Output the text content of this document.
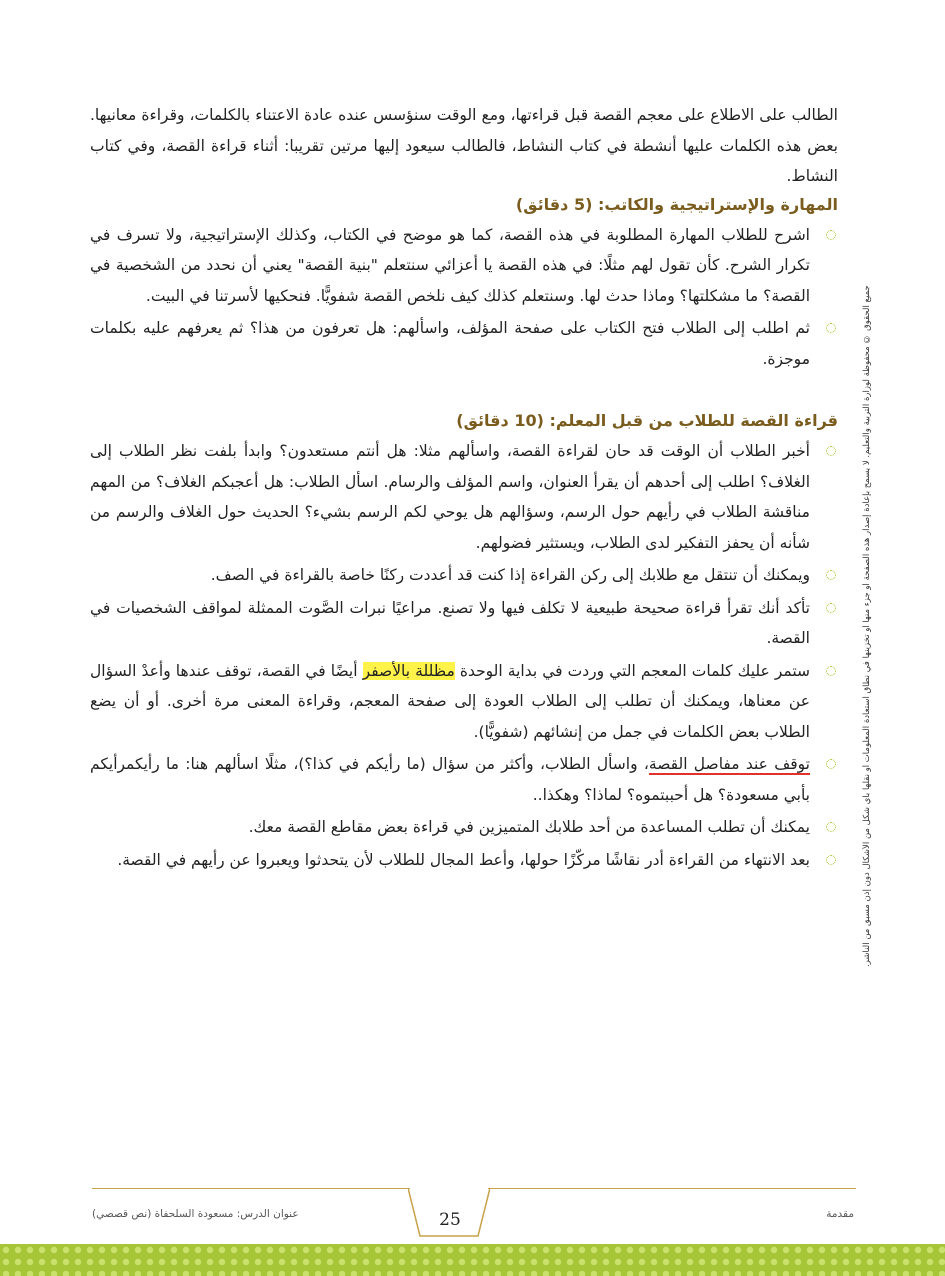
الطالب على الاطلاع على معجم القصة قبل قراءتها، ومع الوقت سنؤسس عنده عادة الاعتناء بالكلمات، وقراءة معانيها. بعض هذه الكلمات عليها أنشطة في كتاب النشاط، فالطالب سيعود إليها مرتين تقريبا: أثناء قراءة القصة، وفي كتاب النشاط.

المهارة والإستراتيجية والكاتب: (5 دقائق)
اشرح للطلاب المهارة المطلوبة في هذه القصة، كما هو موضح في الكتاب، وكذلك الإستراتيجية، ولا تسرف في تكرار الشرح. كأن تقول لهم مثلًا: في هذه القصة يا أعزائي سنتعلم "بنية القصة" يعني أن نحدد من الشخصية في القصة؟ ما مشكلتها؟ وماذا حدث لها. وسنتعلم كذلك كيف نلخص القصة شفويًّا. فنحكيها لأسرتنا في البيت.
ثم اطلب إلى الطلاب فتح الكتاب على صفحة المؤلف، واسألهم: هل تعرفون من هذا؟ ثم يعرفهم عليه بكلمات موجزة.
قراءة القصة للطلاب من قبل المعلم: (10 دقائق)
أخبر الطلاب أن الوقت قد حان لقراءة القصة، واسألهم مثلا: هل أنتم مستعدون؟ وابدأ بلفت نظر الطلاب إلى الغلاف؟ اطلب إلى أحدهم أن يقرأ العنوان، واسم المؤلف والرسام. اسأل الطلاب: هل أعجبكم الغلاف؟ من المهم مناقشة الطلاب في رأيهم حول الرسم، وسؤالهم هل يوحي لكم الرسم بشيء؟ الحديث حول الغلاف والرسم من شأنه أن يحفز التفكير لدى الطلاب، ويستثير فضولهم.
ويمكنك أن تنتقل مع طلابك إلى ركن القراءة إذا كنت قد أعددت ركنًا خاصة بالقراءة في الصف.
تأكد أنك تقرأ قراءة صحيحة طبيعية لا تكلف فيها ولا تصنع. مراعيًا نبرات الصَّوت الممثلة لمواقف الشخصيات في القصة.
ستمر عليك كلمات المعجم التي وردت في بداية الوحدة مظللة بالأصفر أيضًا في القصة، توقف عندها وأعدْ السؤال عن معناها، ويمكنك أن تطلب إلى الطلاب العودة إلى صفحة المعجم، وقراءة المعنى مرة أخرى. أو أن يضع الطلاب بعض الكلمات في جمل من إنشائهم (شفويًّا).
توقف عند مفاصل القصة، واسأل الطلاب، وأكثر من سؤال (ما رأيكم في كذا؟)، مثلًا اسألهم هنا: ما رأيكمرأيكم بأبي مسعودة؟ هل أحببتموه؟ لماذا؟ وهكذا..
يمكنك أن تطلب المساعدة من أحد طلابك المتميزين في قراءة بعض مقاطع القصة معك.
بعد الانتهاء من القراءة أدر نقاشًا مركّزًا حولها، وأعط المجال للطلاب لأن يتحدثوا ويعبروا عن رأيهم في القصة.	جميع الحقوق © محفوظة لوزارة التربية والتعليم. لا يسمح بإعادة إصدار هذه الصفحة أو جزء منها أو تخزينها في نطاق استعادة المعلومات أو نقلها بأي شكل من الأشكال دون إذن مسبق من الناشر.
25
عنوان الدرس: مسعودة السلحفاة (نص قصصي)	مقدمة
